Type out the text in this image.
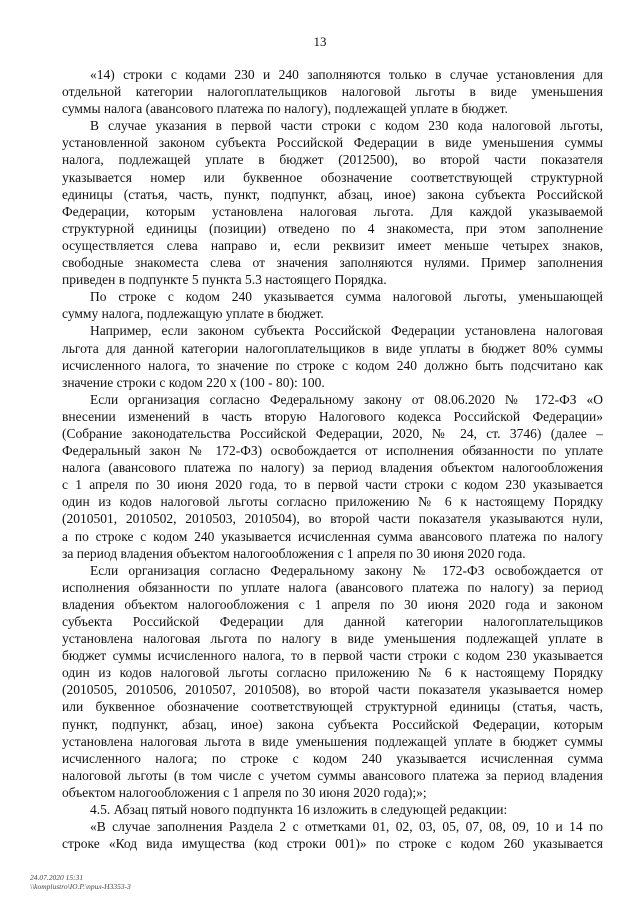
13
«14) строки с кодами 230 и 240 заполняются только в случае установления для
отдельной категории налогоплательщиков налоговой льготы в виде уменьшения
суммы налога (авансового платежа по налогу), подлежащей уплате в бюджет.
В случае указания в первой части строки с кодом 230 кода налоговой льготы,
установленной законом субъекта Российской Федерации в виде уменьшения суммы
налога, подлежащей уплате в бюджет (2012500), во второй части показателя
указывается номер или буквенное обозначение соответствующей структурной
единицы (статья, часть, пункт, подпункт, абзац, иное) закона субъекта Российской
Федерации, которым установлена налоговая льгота. Для каждой указываемой
структурной единицы (позиции) отведено по 4 знакоместа, при этом заполнение
осуществляется слева направо и, если реквизит имеет меньше четырех знаков,
свободные знакоместа слева от значения заполняются нулями. Пример заполнения
приведен в подпункте 5 пункта 5.3 настоящего Порядка.
По строке с кодом 240 указывается сумма налоговой льготы, уменьшающей
сумму налога, подлежащую уплате в бюджет.
Например, если законом субъекта Российской Федерации установлена налоговая
льгота для данной категории налогоплательщиков в виде уплаты в бюджет 80% суммы
исчисленного налога, то значение по строке с кодом 240 должно быть подсчитано как
значение строки с кодом 220 х (100 - 80): 100.
Если организация согласно Федеральному закону от 08.06.2020 № 172-ФЗ «О
внесении изменений в часть вторую Налогового кодекса Российской Федерации»
(Собрание законодательства Российской Федерации, 2020, № 24, ст. 3746) (далее –
Федеральный закон № 172-ФЗ) освобождается от исполнения обязанности по уплате
налога (авансового платежа по налогу) за период владения объектом налогообложения
с 1 апреля по 30 июня 2020 года, то в первой части строки с кодом 230 указывается
один из кодов налоговой льготы согласно приложению № 6 к настоящему Порядку
(2010501, 2010502, 2010503, 2010504), во второй части показателя указываются нули,
а по строке с кодом 240 указывается исчисленная сумма авансового платежа по налогу
за период владения объектом налогообложения с 1 апреля по 30 июня 2020 года.
Если организация согласно Федеральному закону № 172-ФЗ освобождается от
исполнения обязанности по уплате налога (авансового платежа по налогу) за период
владения объектом налогообложения с 1 апреля по 30 июня 2020 года и законом
субъекта Российской Федерации для данной категории налогоплательщиков
установлена налоговая льгота по налогу в виде уменьшения подлежащей уплате в
бюджет суммы исчисленного налога, то в первой части строки с кодом 230 указывается
один из кодов налоговой льготы согласно приложению № 6 к настоящему Порядку
(2010505, 2010506, 2010507, 2010508), во второй части показателя указывается номер
или буквенное обозначение соответствующей структурной единицы (статья, часть,
пункт, подпункт, абзац, иное) закона субъекта Российской Федерации, которым
установлена налоговая льгота в виде уменьшения подлежащей уплате в бюджет суммы
исчисленного налога; по строке с кодом 240 указывается исчисленная сумма
налоговой льготы (в том числе с учетом суммы авансового платежа за период владения
объектом налогообложения с 1 апреля по 30 июня 2020 года);»;
4.5. Абзац пятый нового подпункта 16 изложить в следующей редакции:
«В случае заполнения Раздела 2 с отметками 01, 02, 03, 05, 07, 08, 09, 10 и 14 по
строке «Код вида имущества (код строки 001)» по строке с кодом 260 указывается
24.07.2020 15:31
\\komplustro\Ю.Р.\прил-Н3353-3
